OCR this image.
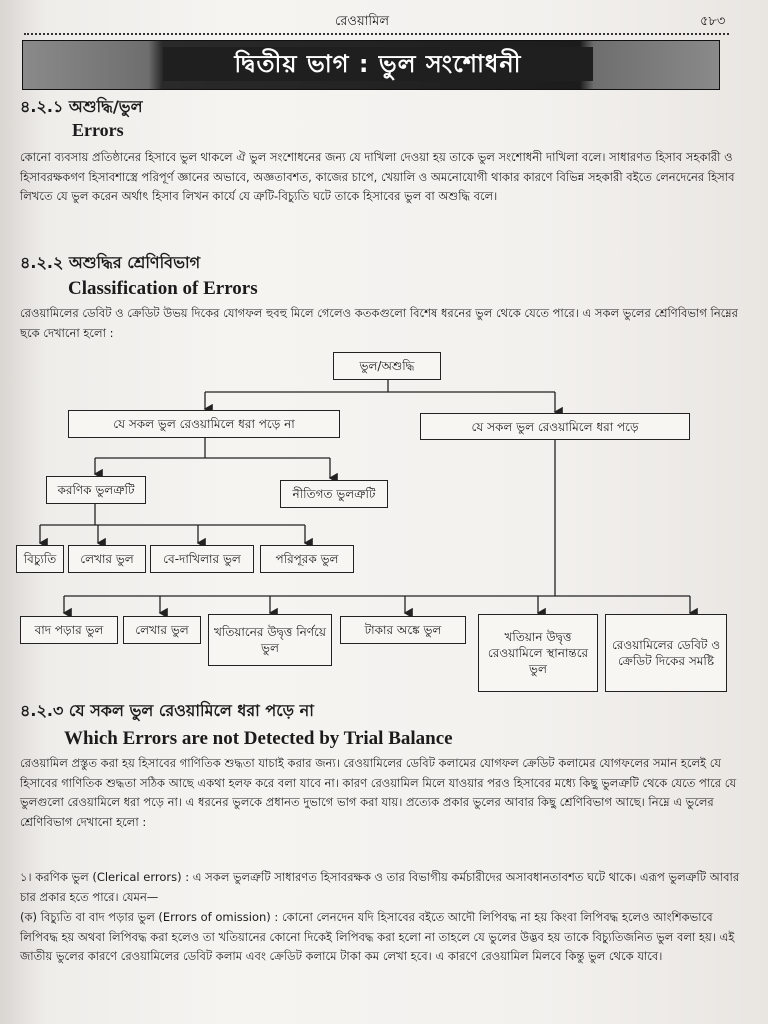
রেওয়ামিল	৫৮৩
দ্বিতীয় ভাগ : ভুল সংশোধনী
৪.২.১ অশুদ্ধি/ভুল
Errors
কোনো ব্যবসায় প্রতিষ্ঠানের হিসাবে ভুল থাকলে ঐ ভুল সংশোধনের জন্য যে দাখিলা দেওয়া হয় তাকে ভুল সংশোধনী দাখিলা বলে। সাধারণত হিসাব সহকারী ও হিসাবরক্ষকগণ হিসাবশাস্ত্রে পরিপূর্ণ জ্ঞানের অভাবে, অজ্ঞতাবশত, কাজের চাপে, খেয়ালি ও অমনোযোগী থাকার কারণে বিভিন্ন সহকারী বইতে লেনদেনের হিসাব লিখতে যে ভুল করেন অর্থাৎ হিসাব লিখন কার্যে যে ত্রুটি-বিচ্যুতি ঘটে তাকে হিসাবের ভুল বা অশুদ্ধি বলে।
৪.২.২ অশুদ্ধির শ্রেণিবিভাগ
Classification of Errors
রেওয়ামিলের ডেবিট ও ক্রেডিট উভয় দিকের যোগফল হুবহু মিলে গেলেও কতকগুলো বিশেষ ধরনের ভুল থেকে যেতে পারে। এ সকল ভুলের শ্রেণিবিভাগ নিম্নের ছকে দেখানো হলো :
ভুল/অশুদ্ধি
যে সকল ভুল রেওয়ামিলে ধরা পড়ে না	যে সকল ভুল রেওয়ামিলে ধরা পড়ে
করণিক ভুলত্রুটি	নীতিগত ভুলত্রুটি
বিচ্যুতি	লেখার ভুল	বে-দাখিলার ভুল	পরিপূরক ভুল
বাদ পড়ার ভুল	লেখার ভুল	খতিয়ানের উদ্বৃত্ত নির্ণয়ে ভুল
টাকার অঙ্কে ভুল	খতিয়ান উদ্বৃত্ত রেওয়ামিলে স্থানান্তরে ভুল
রেওয়ামিলের ডেবিট ও ক্রেডিট দিকের সমষ্টি
৪.২.৩ যে সকল ভুল রেওয়ামিলে ধরা পড়ে না
Which Errors are not Detected by Trial Balance
রেওয়ামিল প্রস্তুত করা হয় হিসাবের গাণিতিক শুদ্ধতা যাচাই করার জন্য। রেওয়ামিলের ডেবিট কলামের যোগফল ক্রেডিট কলামের যোগফলের সমান হলেই যে হিসাবের গাণিতিক শুদ্ধতা সঠিক আছে একথা হলফ করে বলা যাবে না। কারণ রেওয়ামিল মিলে যাওয়ার পরও হিসাবের মধ্যে কিছু ভুলত্রুটি থেকে যেতে পারে যে ভুলগুলো রেওয়ামিলে ধরা পড়ে না। এ ধরনের ভুলকে প্রধানত দুভাগে ভাগ করা যায়। প্রত্যেক প্রকার ভুলের আবার কিছু শ্রেণিবিভাগ আছে। নিম্নে এ ভুলের শ্রেণিবিভাগ দেখানো হলো :
১। করণিক ভুল (Clerical errors) : এ সকল ভুলত্রুটি সাধারণত হিসাবরক্ষক ও তার বিভাগীয় কর্মচারীদের অসাবধানতাবশত ঘটে থাকে। এরূপ ভুলত্রুটি আবার চার প্রকার হতে পারে। যেমন—
(ক) বিচ্যুতি বা বাদ পড়ার ভুল (Errors of omission) : কোনো লেনদেন যদি হিসাবের বইতে আদৌ লিপিবদ্ধ না হয় কিংবা লিপিবদ্ধ হলেও আংশিকভাবে লিপিবদ্ধ হয় অথবা লিপিবদ্ধ করা হলেও তা খতিয়ানের কোনো দিকেই লিপিবদ্ধ করা হলো না তাহলে যে ভুলের উদ্ভব হয় তাকে বিচ্যুতিজনিত ভুল বলা হয়। এই জাতীয় ভুলের কারণে রেওয়ামিলের ডেবিট কলাম এবং ক্রেডিট কলামে টাকা কম লেখা হবে। এ কারণে রেওয়ামিল মিলবে কিন্তু ভুল থেকে যাবে।
